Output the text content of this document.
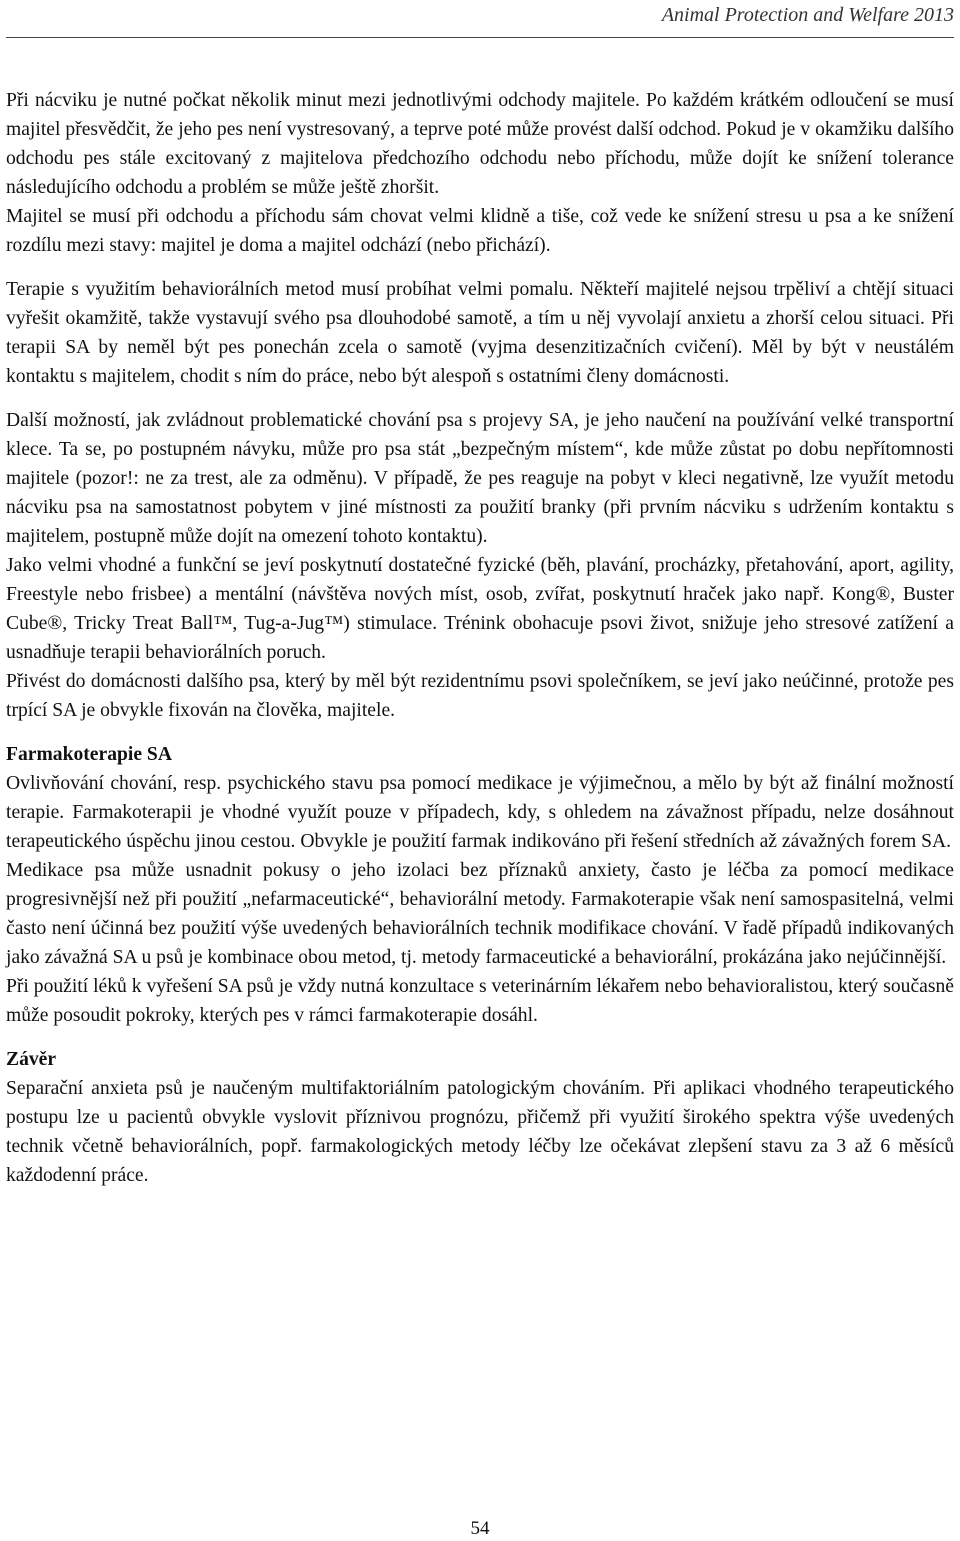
Animal Protection and Welfare 2013

Při nácviku je nutné počkat několik minut mezi jednotlivými odchody majitele. Po každém krátkém odloučení se musí majitel přesvědčit, že jeho pes není vystresovaný, a teprve poté může provést další odchod. Pokud je v okamžiku dalšího odchodu pes stále excitovaný z majitelova předchozího odchodu nebo příchodu, může dojít ke snížení tolerance následujícího odchodu a problém se může ještě zhoršit.

Majitel se musí při odchodu a příchodu sám chovat velmi klidně a tiše, což vede ke snížení stresu u psa a ke snížení rozdílu mezi stavy: majitel je doma a majitel odchází (nebo přichází).

Terapie s využitím behaviorálních metod musí probíhat velmi pomalu. Někteří majitelé nejsou trpěliví a chtějí situaci vyřešit okamžitě, takže vystavují svého psa dlouhodobé samotě, a tím u něj vyvolají anxietu a zhorší celou situaci. Při terapii SA by neměl být pes ponechán zcela o samotě (vyjma desenzitizačních cvičení). Měl by být v neustálém kontaktu s majitelem, chodit s ním do práce, nebo být alespoň s ostatními členy domácnosti.

Další možností, jak zvládnout problematické chování psa s projevy SA, je jeho naučení na používání velké transportní klece. Ta se, po postupném návyku, může pro psa stát „bezpečným místem“, kde může zůstat po dobu nepřítomnosti majitele (pozor!: ne za trest, ale za odměnu). V případě, že pes reaguje na pobyt v kleci negativně, lze využít metodu nácviku psa na samostatnost pobytem v jiné místnosti za použití branky (při prvním nácviku s udržením kontaktu s majitelem, postupně může dojít na omezení tohoto kontaktu).

Jako velmi vhodné a funkční se jeví poskytnutí dostatečné fyzické (běh, plavání, procházky, přetahování, aport, agility, Freestyle nebo frisbee) a mentální (návštěva nových míst, osob, zvířat, poskytnutí hraček jako např. Kong®, Buster Cube®, Tricky Treat Ball™, Tug-a-Jug™) stimulace. Trénink obohacuje psovi život, snižuje jeho stresové zatížení a usnadňuje terapii behaviorálních poruch.

Přivést do domácnosti dalšího psa, který by měl být rezidentnímu psovi společníkem, se jeví jako neúčinné, protože pes trpící SA je obvykle fixován na člověka, majitele.

Farmakoterapie SA

Ovlivňování chování, resp. psychického stavu psa pomocí medikace je výjimečnou, a mělo by být až finální možností terapie. Farmakoterapii je vhodné využít pouze v případech, kdy, s ohledem na závažnost případu, nelze dosáhnout terapeutického úspěchu jinou cestou. Obvykle je použití farmak indikováno při řešení středních až závažných forem SA.

Medikace psa může usnadnit pokusy o jeho izolaci bez příznaků anxiety, často je léčba za pomocí medikace progresivnější než při použití „nefarmaceutické“, behaviorální metody. Farmakoterapie však není samospasitelná, velmi často není účinná bez použití výše uvedených behaviorálních technik modifikace chování. V řadě případů indikovaných jako závažná SA u psů je kombinace obou metod, tj. metody farmaceutické a behaviorální, prokázána jako nejúčinnější.

Při použití léků k vyřešení SA psů je vždy nutná konzultace s veterinárním lékařem nebo behavioralistou, který současně může posoudit pokroky, kterých pes v rámci farmakoterapie dosáhl.

Závěr

Separační anxieta psů je naučeným multifaktoriálním patologickým chováním. Při aplikaci vhodného terapeutického postupu lze u pacientů obvykle vyslovit příznivou prognózu, přičemž při využití širokého spektra výše uvedených technik včetně behaviorálních, popř. farmakologických metody léčby lze očekávat zlepšení stavu za 3 až 6 měsíců každodenní práce.

54
